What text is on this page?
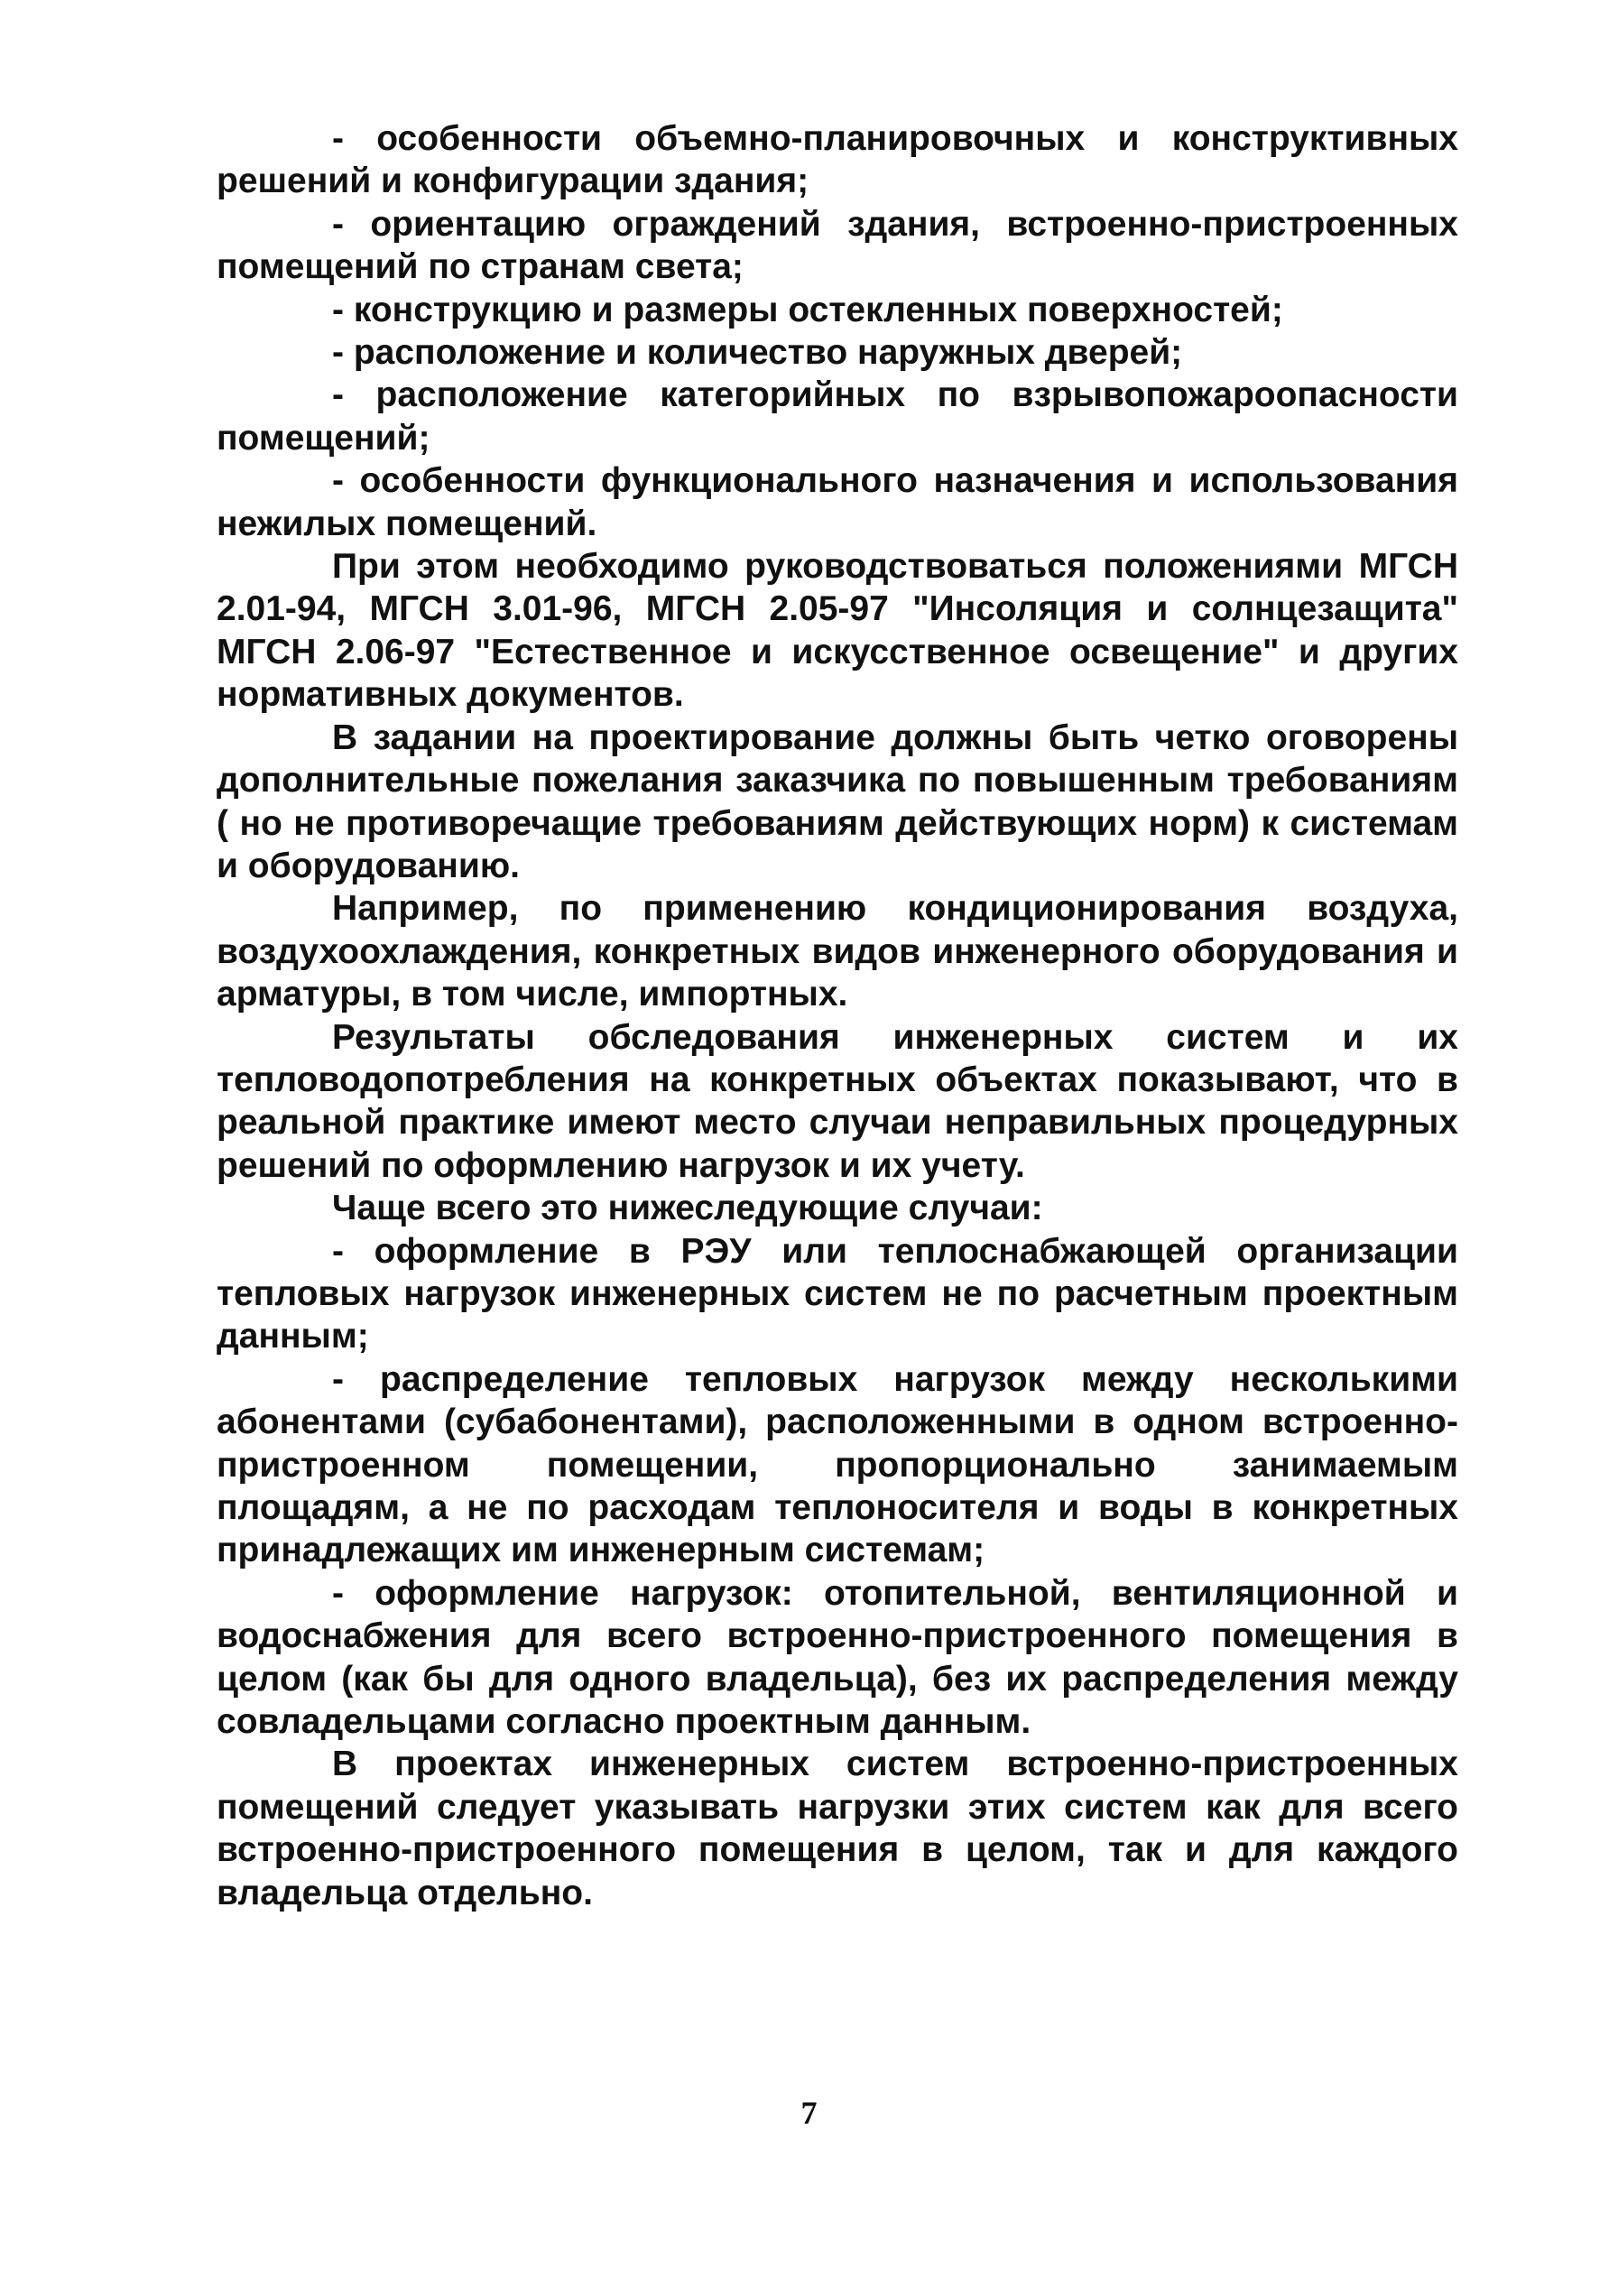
- особенности объемно-планировочных и конструктивных решений и конфигурации здания;

- ориентацию ограждений здания, встроенно-пристроенных помещений по странам света;

- конструкцию и размеры остекленных поверхностей;

- расположение и количество наружных дверей;

- расположение категорийных по взрывопожароопасности помещений;

- особенности функционального назначения и использования нежилых помещений.

При этом необходимо руководствоваться положениями МГСН 2.01-94, МГСН 3.01-96, МГСН 2.05-97 "Инсоляция и солнцезащита" МГСН 2.06-97 "Естественное и искусственное освещение" и других нормативных документов.

В задании на проектирование должны быть четко оговорены дополнительные пожелания заказчика по повышенным требованиям ( но не противоречащие требованиям действующих норм) к системам и оборудованию.

Например, по применению кондиционирования воздуха, воздухоохлаждения, конкретных видов инженерного оборудования и арматуры, в том числе, импортных.

Результаты обследования инженерных систем и их тепловодопотребления на конкретных объектах показывают, что в реальной практике имеют место случаи неправильных процедурных решений по оформлению нагрузок и их учету.

Чаще всего это нижеследующие случаи:

- оформление в РЭУ или теплоснабжающей организации тепловых нагрузок инженерных систем не по расчетным проектным данным;

- распределение тепловых нагрузок между несколькими абонентами (субабонентами), расположенными в одном встроенно-пристроенном помещении, пропорционально занимаемым площадям, а не по расходам теплоносителя и воды в конкретных принадлежащих им инженерным системам;

- оформление нагрузок: отопительной, вентиляционной и водоснабжения для всего встроенно-пристроенного помещения в целом (как бы для одного владельца), без их распределения между совладельцами согласно проектным данным.

В проектах инженерных систем встроенно-пристроенных помещений следует указывать нагрузки этих систем как для всего встроенно-пристроенного помещения в целом, так и для каждого владельца отдельно.

7
